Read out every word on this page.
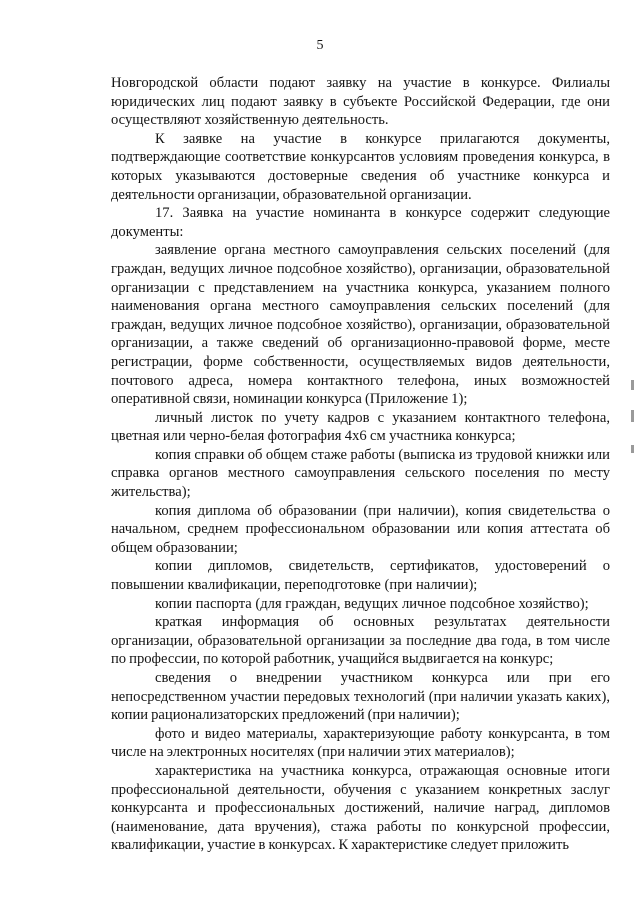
5

Новгородской области подают заявку на участие в конкурсе. Филиалы юридических лиц подают заявку в субъекте Российской Федерации, где они осуществляют хозяйственную деятельность.

К заявке на участие в конкурсе прилагаются документы, подтверждающие соответствие конкурсантов условиям проведения конкурса, в которых указываются достоверные сведения об участнике конкурса и деятельности организации, образовательной организации.

17. Заявка на участие номинанта в конкурсе содержит следующие документы:

заявление органа местного самоуправления сельских поселений (для граждан, ведущих личное подсобное хозяйство), организации, образовательной организации с представлением на участника конкурса, указанием полного наименования органа местного самоуправления сельских поселений (для граждан, ведущих личное подсобное хозяйство), организации, образовательной организации, а также сведений об организационно-правовой форме, месте регистрации, форме собственности, осуществляемых видов деятельности, почтового адреса, номера контактного телефона, иных возможностей оперативной связи, номинации конкурса (Приложение 1);

личный листок по учету кадров с указанием контактного телефона, цветная или черно-белая фотография 4х6 см участника конкурса;

копия справки об общем стаже работы (выписка из трудовой книжки или справка органов местного самоуправления сельского поселения по месту жительства);

копия диплома об образовании (при наличии), копия свидетельства о начальном, среднем профессиональном образовании или копия аттестата об общем образовании;

копии дипломов, свидетельств, сертификатов, удостоверений о повышении квалификации, переподготовке (при наличии);

копии паспорта (для граждан, ведущих личное подсобное хозяйство);

краткая информация об основных результатах деятельности организации, образовательной организации за последние два года, в том числе по профессии, по которой работник, учащийся выдвигается на конкурс;

сведения о внедрении участником конкурса или при его непосредственном участии передовых технологий (при наличии указать каких), копии рационализаторских предложений (при наличии);

фото и видео материалы, характеризующие работу конкурсанта, в том числе на электронных носителях (при наличии этих материалов);

характеристика на участника конкурса, отражающая основные итоги профессиональной деятельности, обучения с указанием конкретных заслуг конкурсанта и профессиональных достижений, наличие наград, дипломов (наименование, дата вручения), стажа работы по конкурсной профессии, квалификации, участие в конкурсах. К характеристике следует приложить
